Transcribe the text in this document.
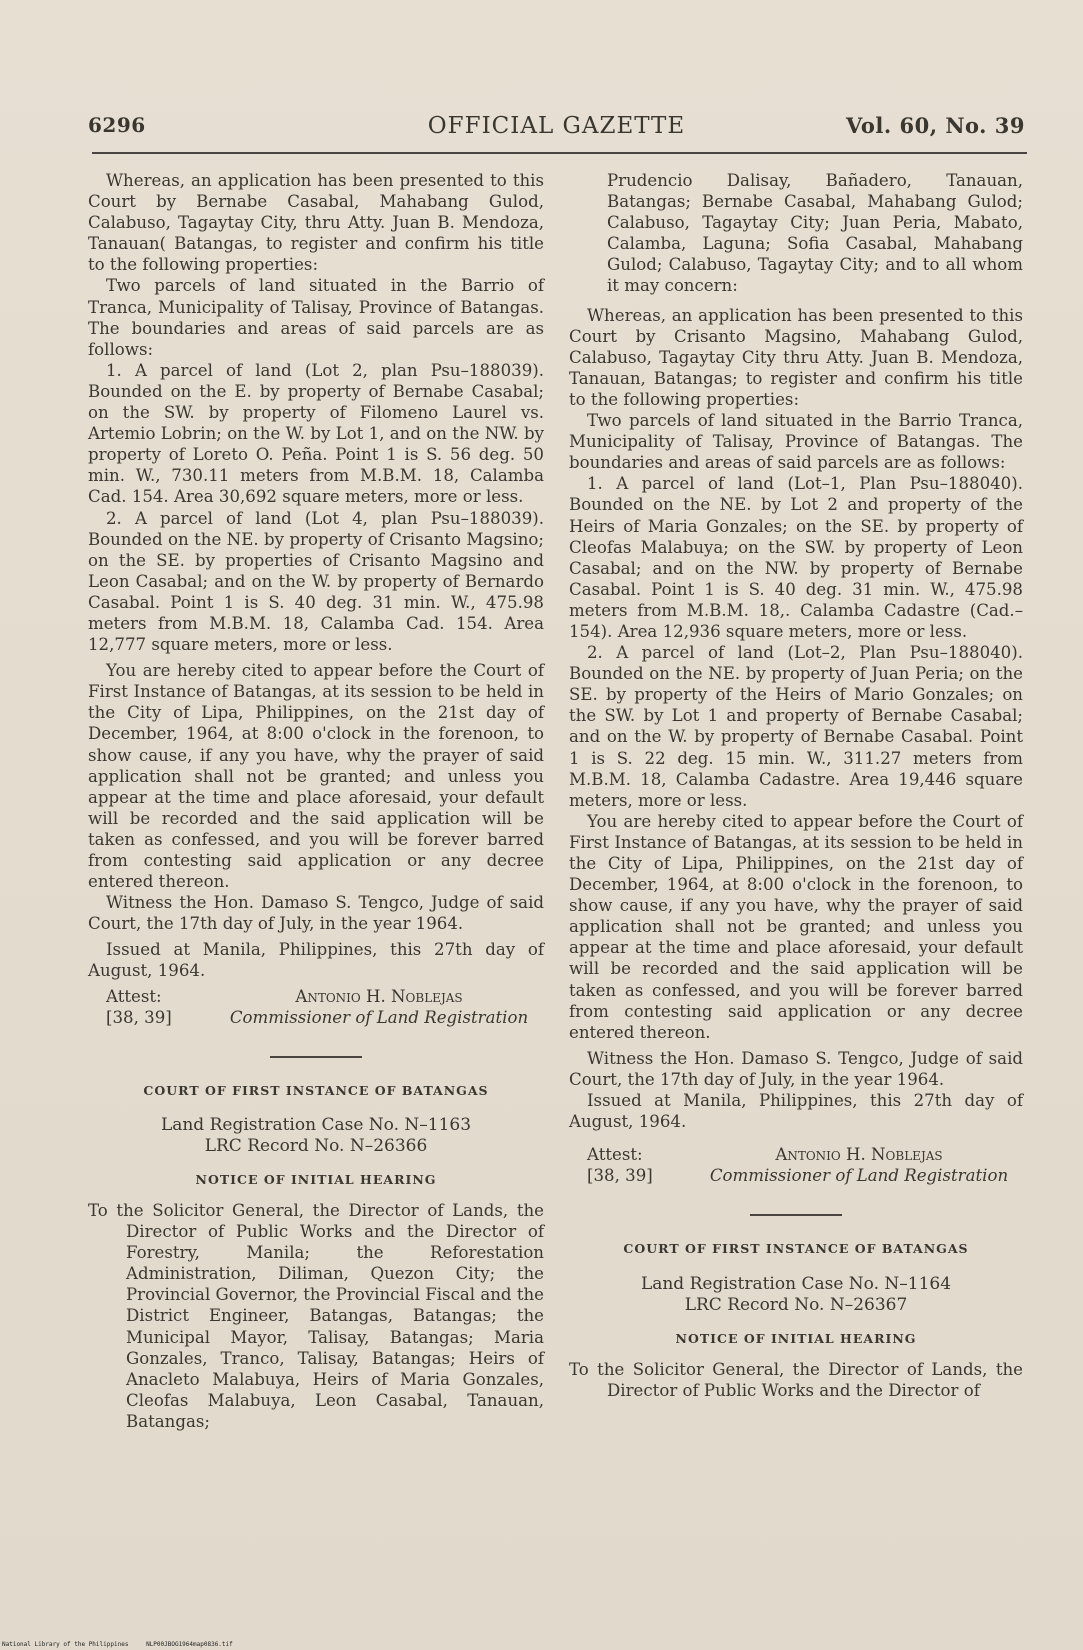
6296	OFFICIAL GAZETTE	Vol. 60, No. 39

Whereas, an application has been presented to this Court by Bernabe Casabal, Mahabang Gulod, Calabuso, Tagaytay City, thru Atty. Juan B. Mendoza, Tanauan( Batangas, to register and confirm his title to the following properties:

Two parcels of land situated in the Barrio of Tranca, Municipality of Talisay, Province of Batangas. The boundaries and areas of said parcels are as follows:

1. A parcel of land (Lot 2, plan Psu–188039). Bounded on the E. by property of Bernabe Casabal; on the SW. by property of Filomeno Laurel vs. Artemio Lobrin; on the W. by Lot 1, and on the NW. by property of Loreto O. Peña. Point 1 is S. 56 deg. 50 min. W., 730.11 meters from M.B.M. 18, Calamba Cad. 154. Area 30,692 square meters, more or less.

2. A parcel of land (Lot 4, plan Psu–188039). Bounded on the NE. by property of Crisanto Magsino; on the SE. by properties of Crisanto Magsino and Leon Casabal; and on the W. by property of Bernardo Casabal. Point 1 is S. 40 deg. 31 min. W., 475.98 meters from M.B.M. 18, Calamba Cad. 154. Area 12,777 square meters, more or less.

You are hereby cited to appear before the Court of First Instance of Batangas, at its session to be held in the City of Lipa, Philippines, on the 21st day of December, 1964, at 8:00 o'clock in the forenoon, to show cause, if any you have, why the prayer of said application shall not be granted; and unless you appear at the time and place aforesaid, your default will be recorded and the said application will be taken as confessed, and you will be forever barred from contesting said application or any decree entered thereon.

Witness the Hon. Damaso S. Tengco, Judge of said Court, the 17th day of July, in the year 1964.

Issued at Manila, Philippines, this 27th day of August, 1964.

Attest:	Antonio H. Noblejas
[38, 39]	Commissioner of Land Registration
COURT OF FIRST INSTANCE OF BATANGAS
Land Registration Case No. N–1163
LRC Record No. N–26366
NOTICE OF INITIAL HEARING

To the Solicitor General, the Director of Lands, the Director of Public Works and the Director of Forestry, Manila; the Reforestation Administration, Diliman, Quezon City; the Provincial Governor, the Provincial Fiscal and the District Engineer, Batangas, Batangas; the Municipal Mayor, Talisay, Batangas; Maria Gonzales, Tranco, Talisay, Batangas; Heirs of Anacleto Malabuya, Heirs of Maria Gonzales, Cleofas Malabuya, Leon Casabal, Tanauan, Batangas;

Prudencio Dalisay, Bañadero, Tanauan, Batangas; Bernabe Casabal, Mahabang Gulod; Calabuso, Tagaytay City; Juan Peria, Mabato, Calamba, Laguna; Sofia Casabal, Mahabang Gulod; Calabuso, Tagaytay City; and to all whom it may concern:

Whereas, an application has been presented to this Court by Crisanto Magsino, Mahabang Gulod, Calabuso, Tagaytay City thru Atty. Juan B. Mendoza, Tanauan, Batangas; to register and confirm his title to the following properties:

Two parcels of land situated in the Barrio Tranca, Municipality of Talisay, Province of Batangas. The boundaries and areas of said parcels are as follows:

1. A parcel of land (Lot–1, Plan Psu–188040). Bounded on the NE. by Lot 2 and property of the Heirs of Maria Gonzales; on the SE. by property of Cleofas Malabuya; on the SW. by property of Leon Casabal; and on the NW. by property of Bernabe Casabal. Point 1 is S. 40 deg. 31 min. W., 475.98 meters from M.B.M. 18,. Calamba Cadastre (Cad.–154). Area 12,936 square meters, more or less.

2. A parcel of land (Lot–2, Plan Psu–188040). Bounded on the NE. by property of Juan Peria; on the SE. by property of the Heirs of Mario Gonzales; on the SW. by Lot 1 and property of Bernabe Casabal; and on the W. by property of Bernabe Casabal. Point 1 is S. 22 deg. 15 min. W., 311.27 meters from M.B.M. 18, Calamba Cadastre. Area 19,446 square meters, more or less.

You are hereby cited to appear before the Court of First Instance of Batangas, at its session to be held in the City of Lipa, Philippines, on the 21st day of December, 1964, at 8:00 o'clock in the forenoon, to show cause, if any you have, why the prayer of said application shall not be granted; and unless you appear at the time and place aforesaid, your default will be recorded and the said application will be taken as confessed, and you will be forever barred from contesting said application or any decree entered thereon.

Witness the Hon. Damaso S. Tengco, Judge of said Court, the 17th day of July, in the year 1964.

Issued at Manila, Philippines, this 27th day of August, 1964.

Attest:	Antonio H. Noblejas
[38, 39]	Commissioner of Land Registration
COURT OF FIRST INSTANCE OF BATANGAS
Land Registration Case No. N–1164
LRC Record No. N–26367
NOTICE OF INITIAL HEARING

To the Solicitor General, the Director of Lands, the Director of Public Works and the Director of

National Library of the Philippines	NLP00JBOG1964map0836.tif
